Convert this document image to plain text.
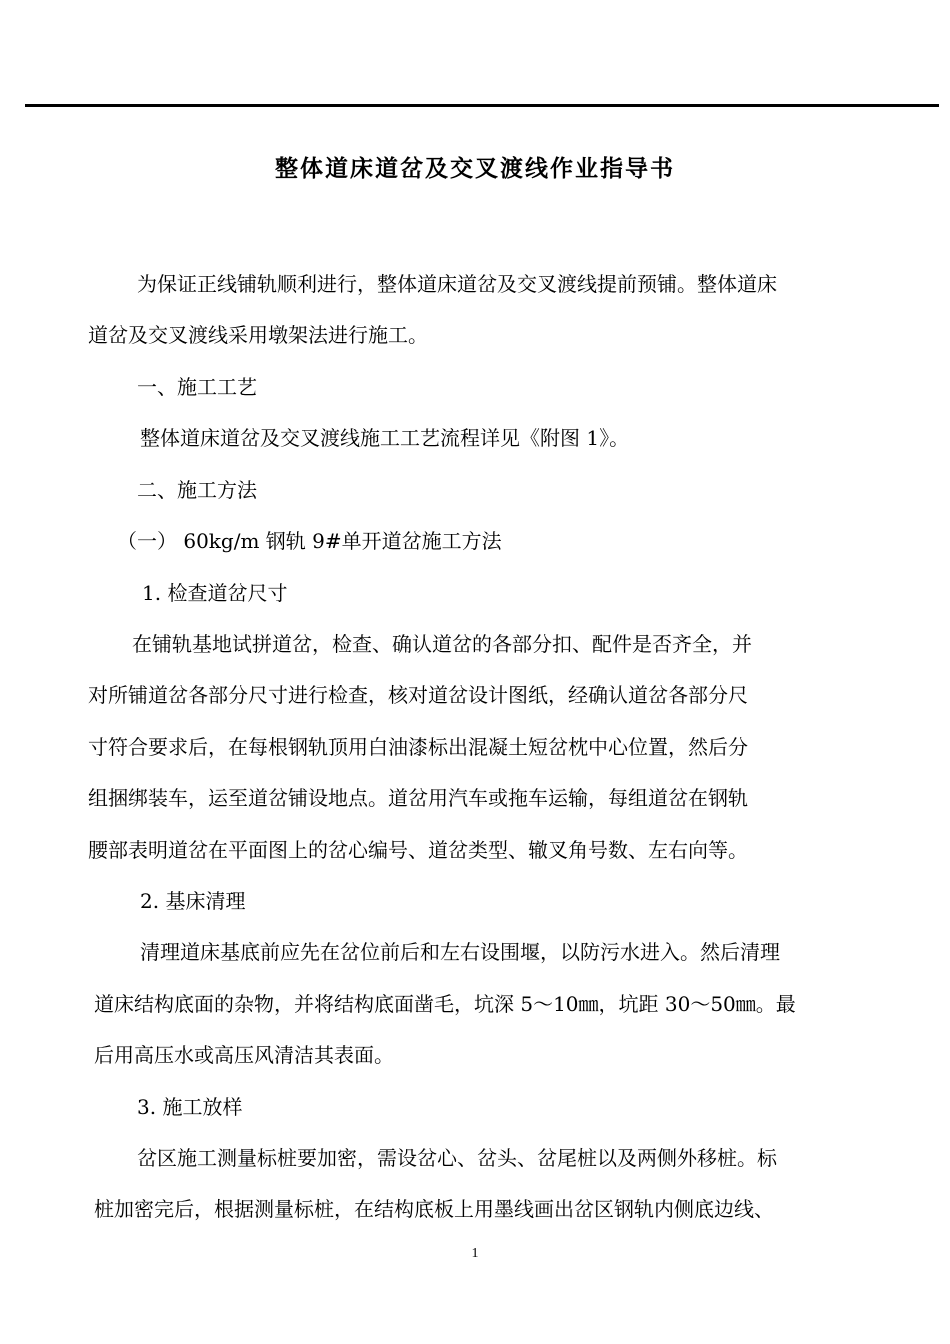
整体道床道岔及交叉渡线作业指导书
为保证正线铺轨顺利进行，整体道床道岔及交叉渡线提前预铺。整体道床
道岔及交叉渡线采用墩架法进行施工。
一、施工工艺
整体道床道岔及交叉渡线施工工艺流程详见《附图 1》。
二、施工方法
（一） 60kg/m 钢轨 9#单开道岔施工方法
1. 检查道岔尺寸
在铺轨基地试拼道岔，检查、确认道岔的各部分扣、配件是否齐全，并
对所铺道岔各部分尺寸进行检查，核对道岔设计图纸，经确认道岔各部分尺
寸符合要求后，在每根钢轨顶用白油漆标出混凝土短岔枕中心位置，然后分
组捆绑装车，运至道岔铺设地点。道岔用汽车或拖车运输，每组道岔在钢轨
腰部表明道岔在平面图上的岔心编号、道岔类型、辙叉角号数、左右向等。
2. 基床清理
清理道床基底前应先在岔位前后和左右设围堰，以防污水进入。然后清理
道床结构底面的杂物，并将结构底面凿毛，坑深 5～10㎜，坑距 30～50㎜。最
后用高压水或高压风清洁其表面。
3. 施工放样
岔区施工测量标桩要加密，需设岔心、岔头、岔尾桩以及两侧外移桩。标
桩加密完后，根据测量标桩，在结构底板上用墨线画出岔区钢轨内侧底边线、
1
